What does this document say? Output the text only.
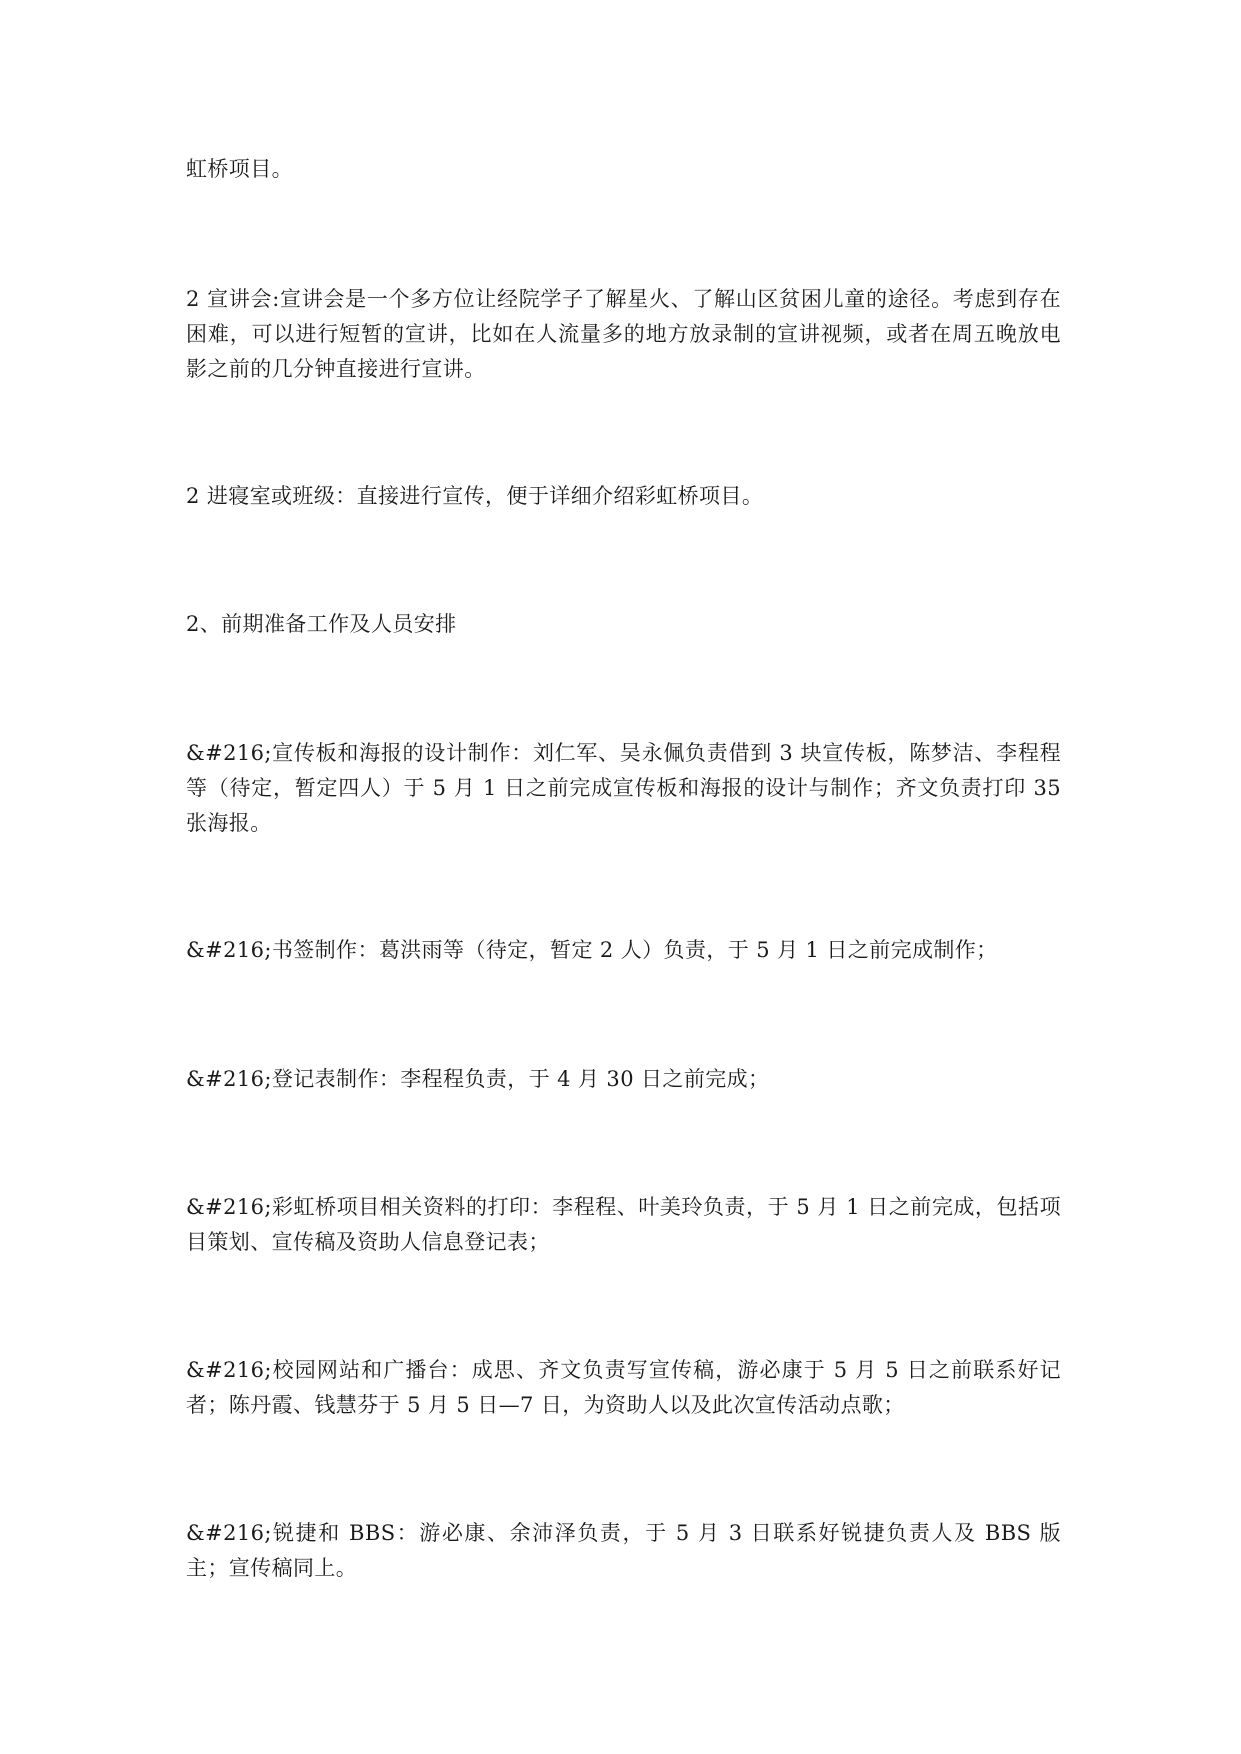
虹桥项目。

2 宣讲会:宣讲会是一个多方位让经院学子了解星火、了解山区贫困儿童的途径。考虑到存在困难，可以进行短暂的宣讲，比如在人流量多的地方放录制的宣讲视频，或者在周五晚放电影之前的几分钟直接进行宣讲。

2 进寝室或班级：直接进行宣传，便于详细介绍彩虹桥项目。

2、前期准备工作及人员安排

&#216;宣传板和海报的设计制作：刘仁军、吴永佩负责借到 3 块宣传板，陈梦洁、李程程等（待定，暂定四人）于 5 月 1 日之前完成宣传板和海报的设计与制作；齐文负责打印 35 张海报。

&#216;书签制作：葛洪雨等（待定，暂定 2 人）负责，于 5 月 1 日之前完成制作；

&#216;登记表制作：李程程负责，于 4 月 30 日之前完成；

&#216;彩虹桥项目相关资料的打印：李程程、叶美玲负责，于 5 月 1 日之前完成，包括项目策划、宣传稿及资助人信息登记表；

&#216;校园网站和广播台：成思、齐文负责写宣传稿，游必康于 5 月 5 日之前联系好记者；陈丹霞、钱慧芬于 5 月 5 日—7 日，为资助人以及此次宣传活动点歌；

&#216;锐捷和 BBS：游必康、余沛泽负责，于 5 月 3 日联系好锐捷负责人及 BBS 版主；宣传稿同上。
